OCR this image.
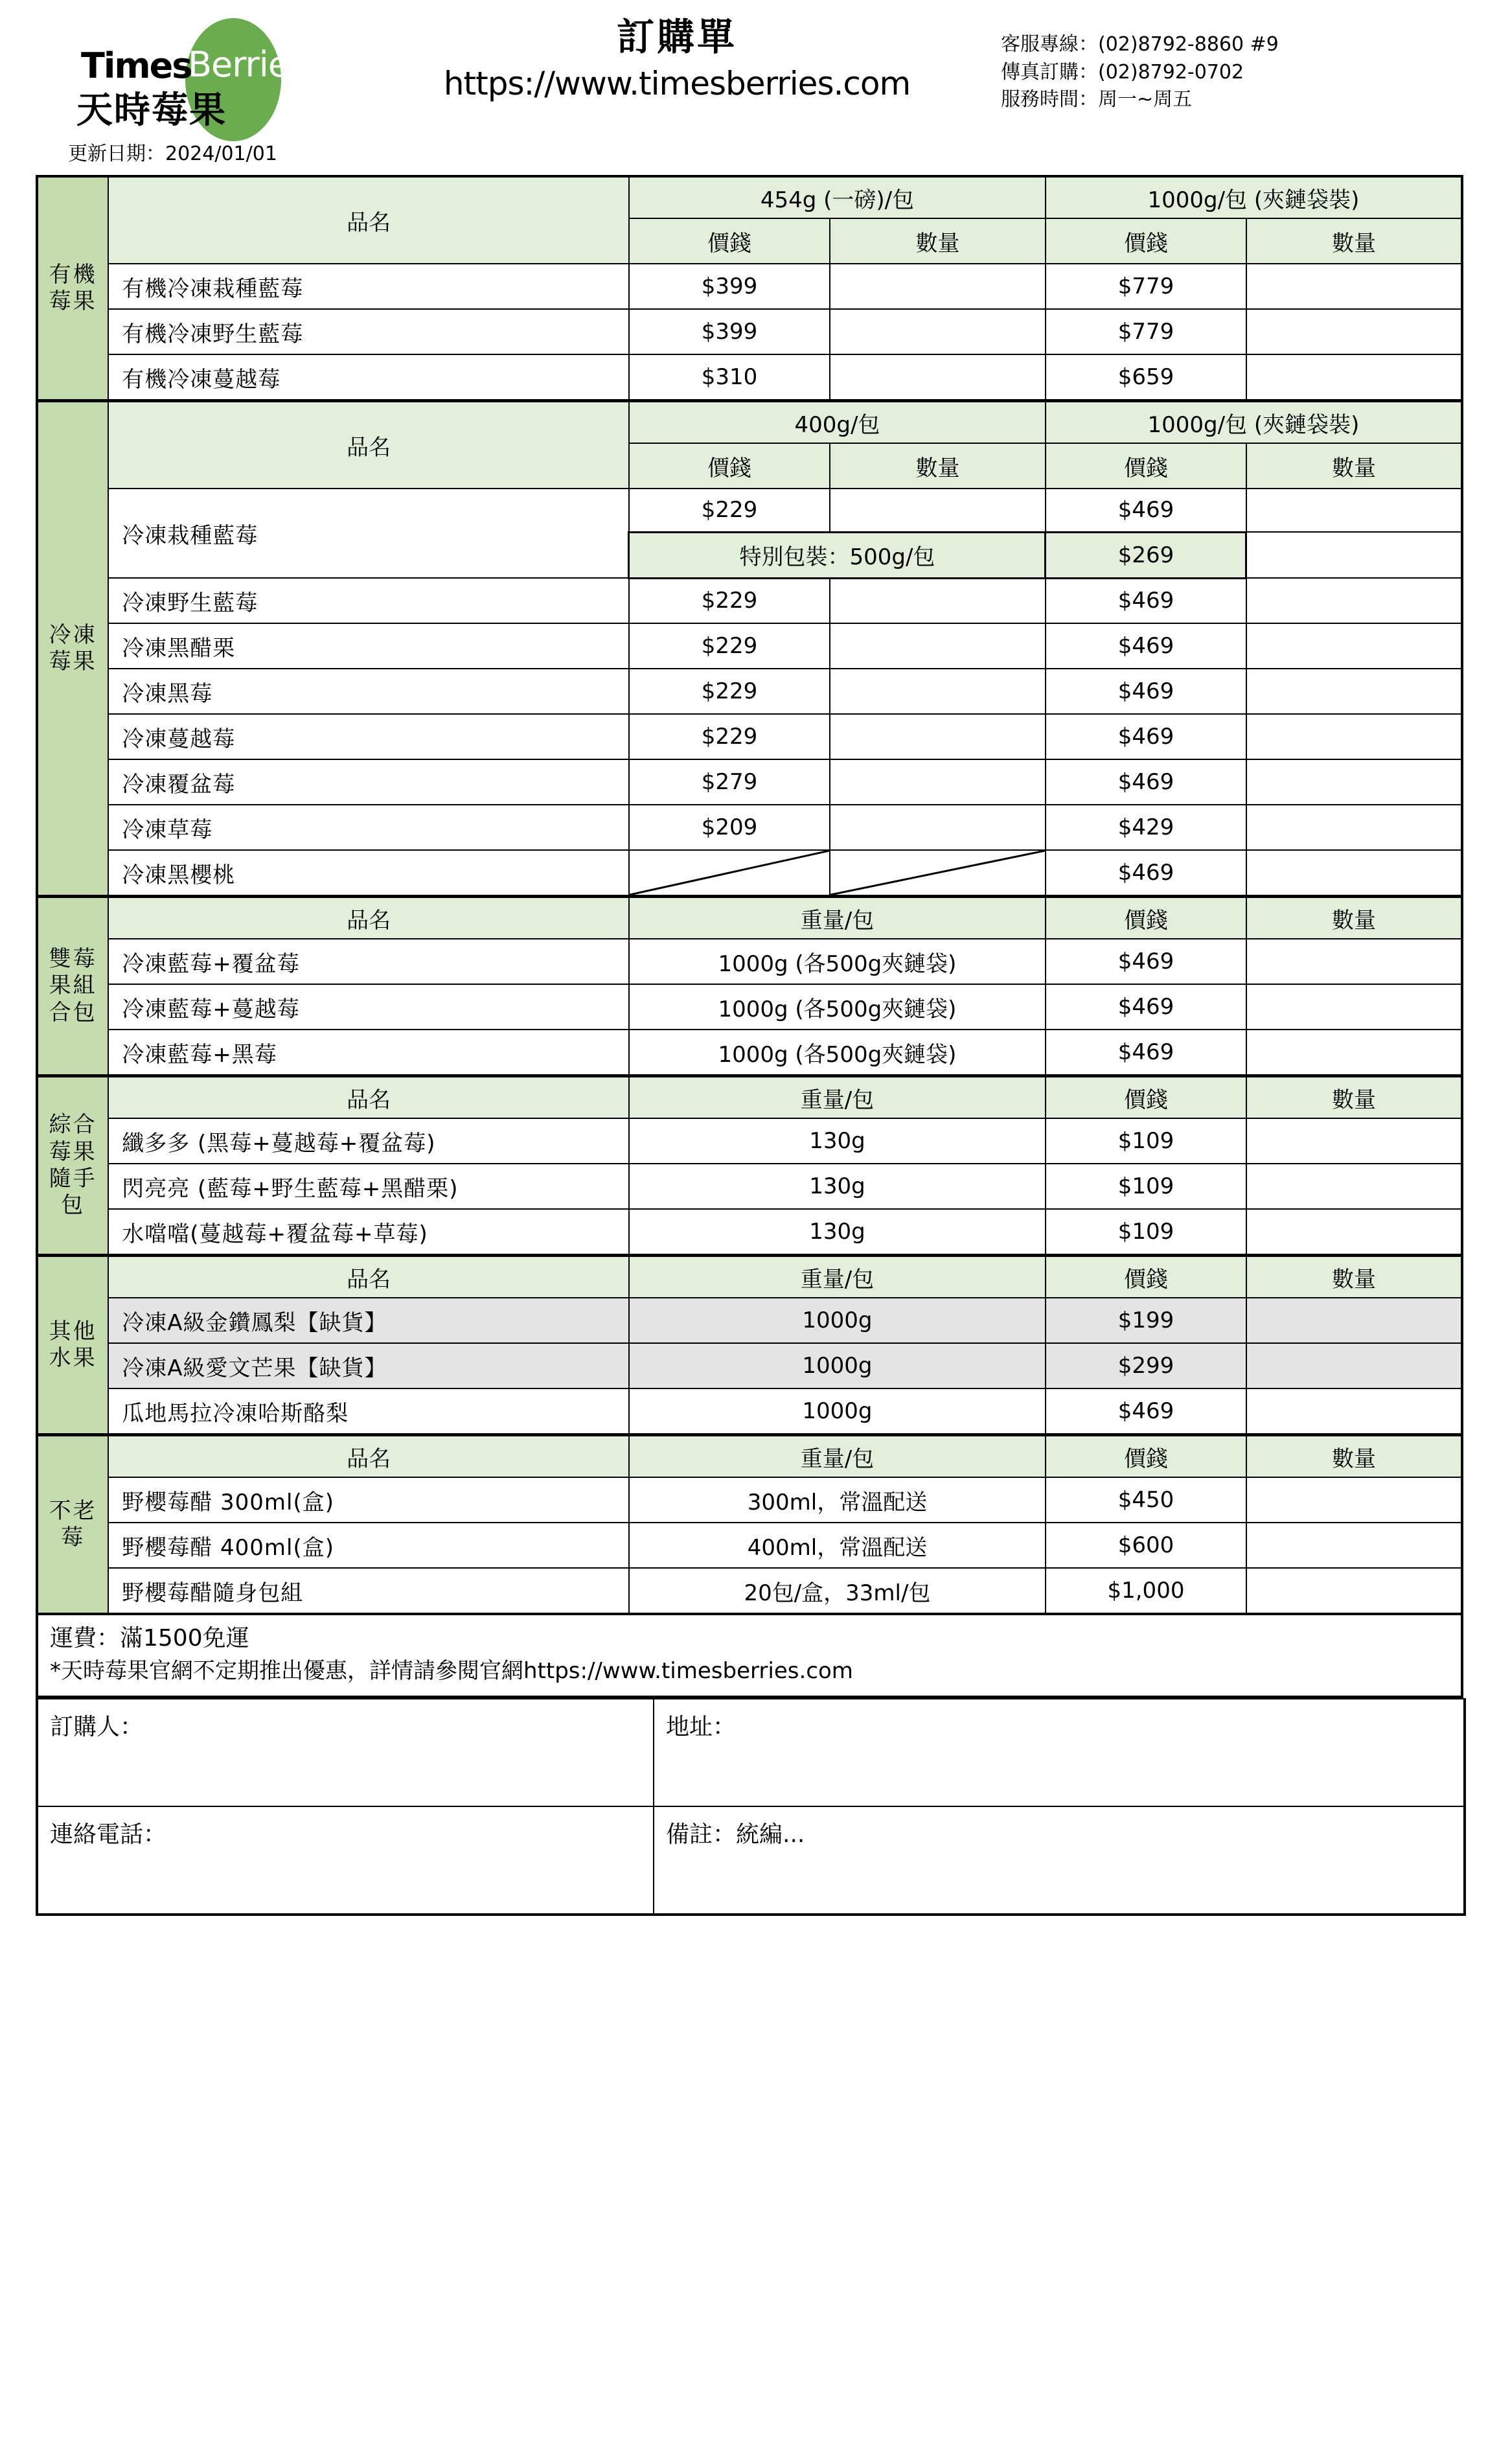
Times
Berries
天時莓果
更新日期：2024/01/01
訂購單
https://www.timesberries.com
客服專線：(02)8792-8860 #9
傳真訂購：(02)8792-0702
服務時間：周一~周五
有機莓果	品名	454g (一磅)/包		1000g/包 (夾鏈袋裝)	
		價錢	數量	價錢	數量
	有機冷凍栽種藍莓	$399		$779	
	有機冷凍野生藍莓	$399		$779	
	有機冷凍蔓越莓	$310		$659	
冷凍莓果	品名	400g/包		1000g/包 (夾鏈袋裝)	
		價錢	數量	價錢	數量
	冷凍栽種藍莓	$229		$469	
		特別包裝：500g/包		$269	
	冷凍野生藍莓	$229		$469	
	冷凍黑醋栗	$229		$469	
	冷凍黑莓	$229		$469	
	冷凍蔓越莓	$229		$469	
	冷凍覆盆莓	$279		$469	
	冷凍草莓	$209		$429	
	冷凍黑櫻桃			$469	
雙莓果組合包	品名	重量/包		價錢	數量
	冷凍藍莓+覆盆莓	1000g (各500g夾鏈袋)		$469	
	冷凍藍莓+蔓越莓	1000g (各500g夾鏈袋)		$469	
	冷凍藍莓+黑莓	1000g (各500g夾鏈袋)		$469	
綜合莓果隨手包	品名	重量/包		價錢	數量
	纖多多 (黑莓+蔓越莓+覆盆莓)	130g		$109	
	閃亮亮 (藍莓+野生藍莓+黑醋栗)	130g		$109	
	水噹噹(蔓越莓+覆盆莓+草莓)	130g		$109	
其他水果	品名	重量/包		價錢	數量
	冷凍A級金鑽鳳梨【缺貨】	1000g		$199	
	冷凍A級愛文芒果【缺貨】	1000g		$299	
	瓜地馬拉冷凍哈斯酪梨	1000g		$469	
不老莓	品名	重量/包		價錢	數量
	野櫻莓醋 300ml(盒)	300ml，常溫配送		$450	
	野櫻莓醋 400ml(盒)	400ml，常溫配送		$600	
	野櫻莓醋隨身包組	20包/盒，33ml/包		$1,000	
運費：滿1500免運
*天時莓果官網不定期推出優惠，詳情請參閱官網https://www.timesberries.com
訂購人：	地址：
連絡電話：	備註：統編...
